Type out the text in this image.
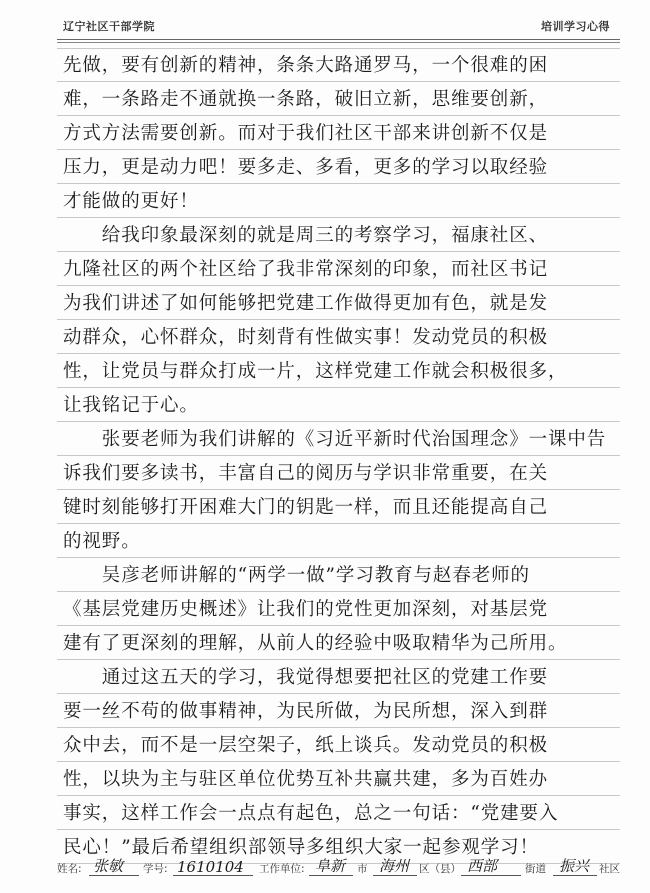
辽宁社区干部学院	培训学习心得
先做，要有创新的精神，条条大路通罗马，一个很难的困
难，一条路走不通就换一条路，破旧立新，思维要创新，
方式方法需要创新。而对于我们社区干部来讲创新不仅是
压力，更是动力吧！要多走、多看，更多的学习以取经验
才能做的更好！
　　给我印象最深刻的就是周三的考察学习，福康社区、
九隆社区的两个社区给了我非常深刻的印象，而社区书记
为我们讲述了如何能够把党建工作做得更加有色，就是发
动群众，心怀群众，时刻背有性做实事！发动党员的积极
性，让党员与群众打成一片，这样党建工作就会积极很多，
让我铭记于心。
　　张要老师为我们讲解的《习近平新时代治国理念》一课中告
诉我们要多读书，丰富自己的阅历与学识非常重要，在关
键时刻能够打开困难大门的钥匙一样，而且还能提高自己
的视野。
　　吴彦老师讲解的“两学一做”学习教育与赵春老师的
《基层党建历史概述》让我们的党性更加深刻，对基层党
建有了更深刻的理解，从前人的经验中吸取精华为己所用。
　　通过这五天的学习，我觉得想要把社区的党建工作要
要一丝不苟的做事精神，为民所做，为民所想，深入到群
众中去，而不是一层空架子，纸上谈兵。发动党员的积极
性，以块为主与驻区单位优势互补共赢共建，多为百姓办
事实，这样工作会一点点有起色，总之一句话：“党建要入
民心！”最后希望组织部领导多组织大家一起参观学习！
姓名: 张敏 学号: 1610104 工作单位: 阜新 市 海州 区（县） 西部	街道 振兴 社区
